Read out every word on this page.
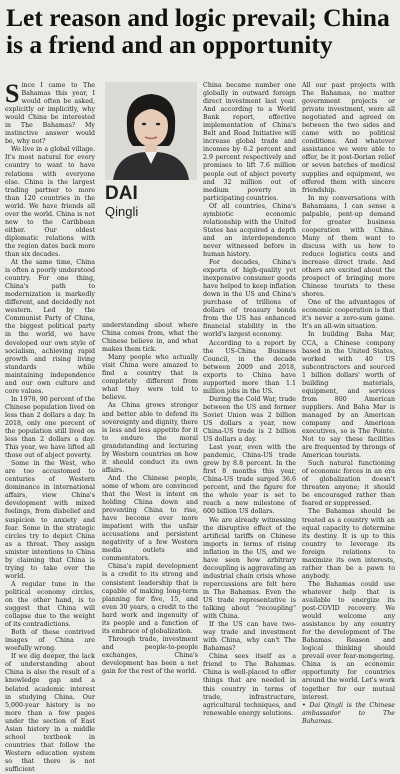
Let reason and logic prevail; China is a friend and an opportunity

Since I came to The Bahamas this year, I would often be asked, explicitly or implicitly, why would China be interested in The Bahamas? My instinctive answer would be, why not?

We live in a global village. It's most natural for every country to want to have relations with everyone else. China is the largest trading partner to more than 120 countries in the world. We have friends all over the world. China is not new to the Caribbean either. Our oldest diplomatic relations with the region dates back more than six decades.

At the same time, China is often a poorly understood country. For one thing, China's path to modernization is markedly different, and decidedly not western. Led by the Communist Party of China, the biggest political party in the world, we have developed our own style of socialism, achieving rapid growth and rising living standards while maintaining independence and our own culture and core values.

In 1978, 90 percent of the Chinese population lived on less than 2 dollars a day. In 2018, only one percent of the population still lived on less than 2 dollars a day. This year, we have lifted all those out of abject poverty.

Some in the West, who are too accustomed to centuries of Western dominance in international affairs, view China's development with mixed feelings, from disbelief and suspicion to anxiety and fear. Some in the strategic circles try to depict China as a threat. They assign sinister intentions to China by claiming that China is trying to take over the world.

A regular tune in the political economy circles, on the other hand, is to suggest that China will collapse due to the weight of its contradictions.

Both of these contrived images of China are woefully wrong.

If we dig deeper, the lack of understanding about China is also the result of a knowledge gap and a belated academic interest in studying China. Our 5,000-year history is no more than a few pages under the section of East Asian history in a middle school textbook in countries that follow the Western education system so that there is not sufficient

DAI
Qingli

understanding about where China comes from, what the Chinese believe in, and what makes them tick.

Many people who actually visit China were amazed to find a country that is completely different from what they were told to believe.

As China grows stronger and better able to defend its sovereignty and dignity, there is less and less appetite for it to endure the moral grandstanding and lecturing by Western countries on how it should conduct its own affairs.

And the Chinese people, some of whom are convinced that the West is intent on holding China down and preventing China to rise, have become ever more impatient with the unfair accusations and persistent negativity of a few Western media outlets and commentators.

China's rapid development is a credit to its strong and consistent leadership that is capable of making long-term planning for five, 15, and even 30 years, a credit to the hard work and ingenuity of its people and a function of its embrace of globalization.

Through trade, investment and people-to-people exchanges, China's development has been a net gain for the rest of the world.

China became number one globally in outward foreign direct investment last year. And according to a World Bank report, effective implementation of China's Belt and Road Initiative will increase global trade and incomes by 6.2 percent and 2.9 percent respectively and promises to lift 7.6 million people out of abject poverty and 32 million out of medium poverty in participating countries.

Of all countries, China's symbiotic economic relationship with the United States has acquired a depth and an interdependence never witnessed before in human history.

For decades, China's exports of high-quality yet inexpensive consumer goods have helped to keep inflation down in the US and China's purchase of trillions of dollars of treasury bonds from the US has enhanced financial stability in the world's largest economy.

According to a report by the US-China Business Council, in the decade between 2009 and 2018, exports to China have supported more than 1.1 million jobs in the US.

During the Cold War, trade between the US and former Soviet Union was 2 billion US dollars a year, now China-US trade is 2 billion US dollars a day.

Last year, even with the pandemic, China-US trade grew by 8.8 percent. In the first 8 months this year, China-US trade surged 36.6 percent, and the figure for the whole year is set to reach a new milestone of 600 billion US dollars.

We are already witnessing the disruptive effect of the artificial tariffs on Chinese imports in terms of rising inflation in the US, and we have seen how arbitrary decoupling is aggravating an industrial chain crisis whose repercussions are felt here in The Bahamas. Even the US trade representative is talking about "recoupling" with China.

If the US can have two-way trade and investment with China, why can't The Bahamas?

China sees itself as a friend to The Bahamas. China is well-placed to offer things that are needed in this country in terms of trade, infrastructure, agricultural techniques, and renewable energy solutions.

All our past projects with The Bahamas, no matter government projects or private investment, were all negotiated and agreed on between the two sides and came with no political conditions. And whatever assistance we were able to offer, be it post-Dorian relief or seven batches of medical supplies and equipment, we offered them with sincere friendship.

In my conversations with Bahamians, I can sense a palpable, pent-up demand for greater business cooperation with China. Many of them want to discuss with us how to reduce logistics costs and increase direct trade. And others are excited about the prospect of bringing more Chinese tourists to these shores.

One of the advantages of economic cooperation is that it's never a zero-sum game. It's an all-win situation.

In building Baha Mar, CCA, a Chinese company based in the United States, worked with 40 US subcontractors and sourced 1 billion dollars' worth of building materials, equipment, and services from 800 American suppliers. And Baha Mar is managed by an American company and American executives, so is The Pointe. Not to say these facilities are frequented by throngs of American tourists.

Such natural functioning of economic forces in an era of globalization doesn't threaten anyone; it should be encouraged rather than feared or suppressed.

The Bahamas should be treated as a country with an equal capacity to determine its destiny. It is up to this country to leverage its foreign relations to maximize its own interests, rather than be a pawn to anybody.

The Bahamas could use whatever help that is available to energize its post-COVID recovery. We would welcome any assistance by any country for the development of The Bahamas. Reason and logical thinking should prevail over fear-mongering. China is an economic opportunity for countries around the world. Let's work together for our mutual interest.

• Dai Qingli is the Chinese ambassador to The Bahamas.
